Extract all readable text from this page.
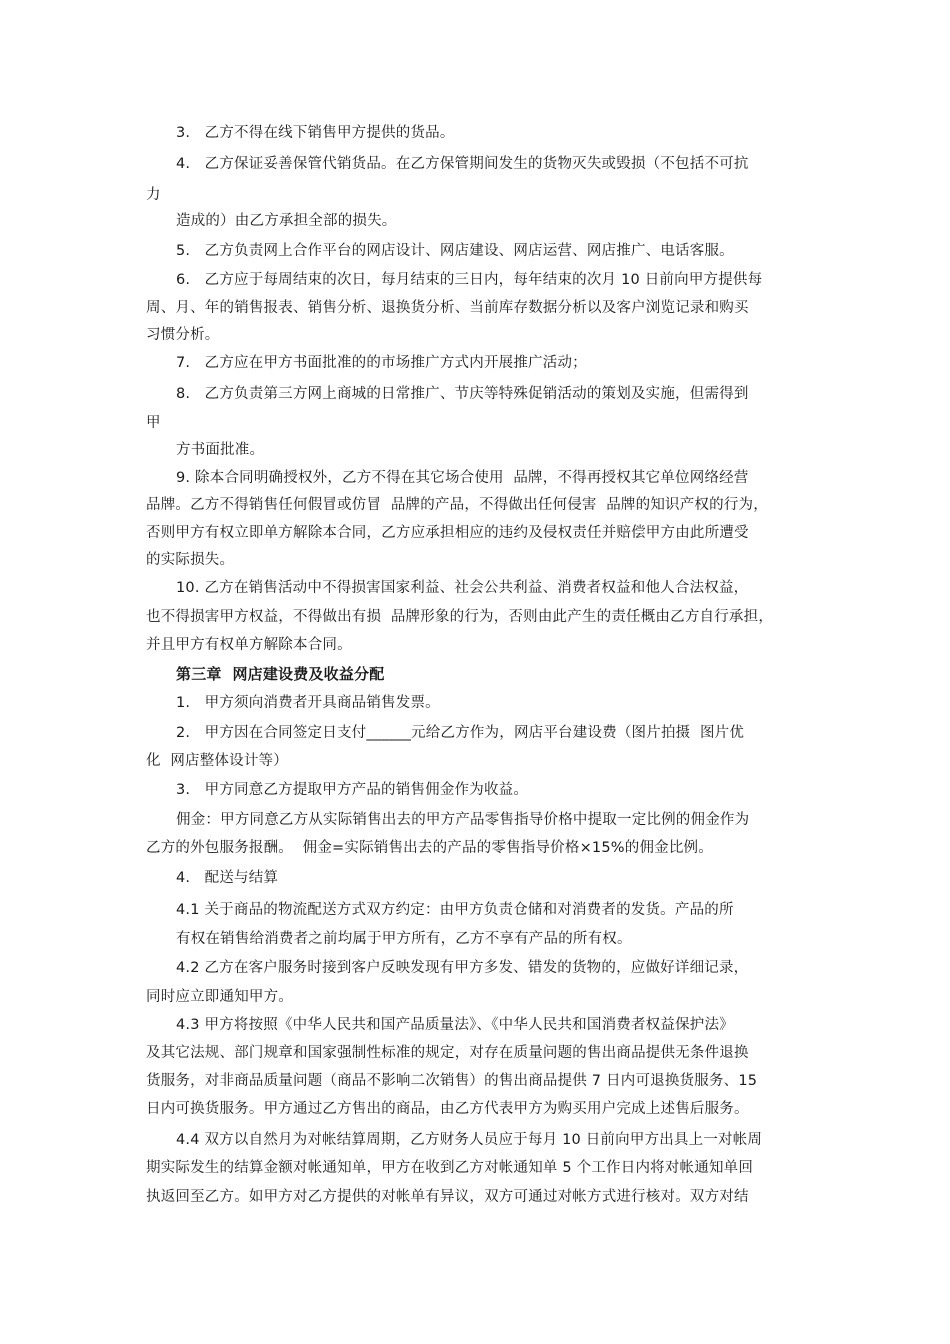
3.   乙方不得在线下销售甲方提供的货品。
4.   乙方保证妥善保管代销货品。在乙方保管期间发生的货物灭失或毁损（不包括不可抗
力
造成的）由乙方承担全部的损失。
5.   乙方负责网上合作平台的网店设计、网店建设、网店运营、网店推广、电话客服。
6.   乙方应于每周结束的次日，每月结束的三日内，每年结束的次月 10 日前向甲方提供每
周、月、年的销售报表、销售分析、退换货分析、当前库存数据分析以及客户浏览记录和购买
习惯分析。
7.   乙方应在甲方书面批准的的市场推广方式内开展推广活动；
8.   乙方负责第三方网上商城的日常推广、节庆等特殊促销活动的策划及实施，但需得到
甲
方书面批准。
9. 除本合同明确授权外，乙方不得在其它场合使用  品牌，不得再授权其它单位网络经营
品牌。乙方不得销售任何假冒或仿冒  品牌的产品，不得做出任何侵害  品牌的知识产权的行为，
否则甲方有权立即单方解除本合同，乙方应承担相应的违约及侵权责任并赔偿甲方由此所遭受
的实际损失。
10. 乙方在销售活动中不得损害国家利益、社会公共利益、消费者权益和他人合法权益，
也不得损害甲方权益，不得做出有损  品牌形象的行为，否则由此产生的责任概由乙方自行承担，
并且甲方有权单方解除本合同。
第三章  网店建设费及收益分配
1.   甲方须向消费者开具商品销售发票。
2.   甲方因在合同签定日支付______元给乙方作为，网店平台建设费（图片拍摄  图片优
化  网店整体设计等）
3.   甲方同意乙方提取甲方产品的销售佣金作为收益。
佣金：甲方同意乙方从实际销售出去的甲方产品零售指导价格中提取一定比例的佣金作为
乙方的外包服务报酬。  佣金=实际销售出去的产品的零售指导价格×15%的佣金比例。
4.   配送与结算
4.1 关于商品的物流配送方式双方约定：由甲方负责仓储和对消费者的发货。产品的所
有权在销售给消费者之前均属于甲方所有，乙方不享有产品的所有权。
4.2 乙方在客户服务时接到客户反映发现有甲方多发、错发的货物的，应做好详细记录，
同时应立即通知甲方。
4.3 甲方将按照《中华人民共和国产品质量法》、《中华人民共和国消费者权益保护法》
及其它法规、部门规章和国家强制性标准的规定，对存在质量问题的售出商品提供无条件退换
货服务，对非商品质量问题（商品不影响二次销售）的售出商品提供 7 日内可退换货服务、15
日内可换货服务。甲方通过乙方售出的商品，由乙方代表甲方为购买用户完成上述售后服务。
4.4 双方以自然月为对帐结算周期，乙方财务人员应于每月 10 日前向甲方出具上一对帐周
期实际发生的结算金额对帐通知单，甲方在收到乙方对帐通知单 5 个工作日内将对帐通知单回
执返回至乙方。如甲方对乙方提供的对帐单有异议，双方可通过对帐方式进行核对。双方对结
